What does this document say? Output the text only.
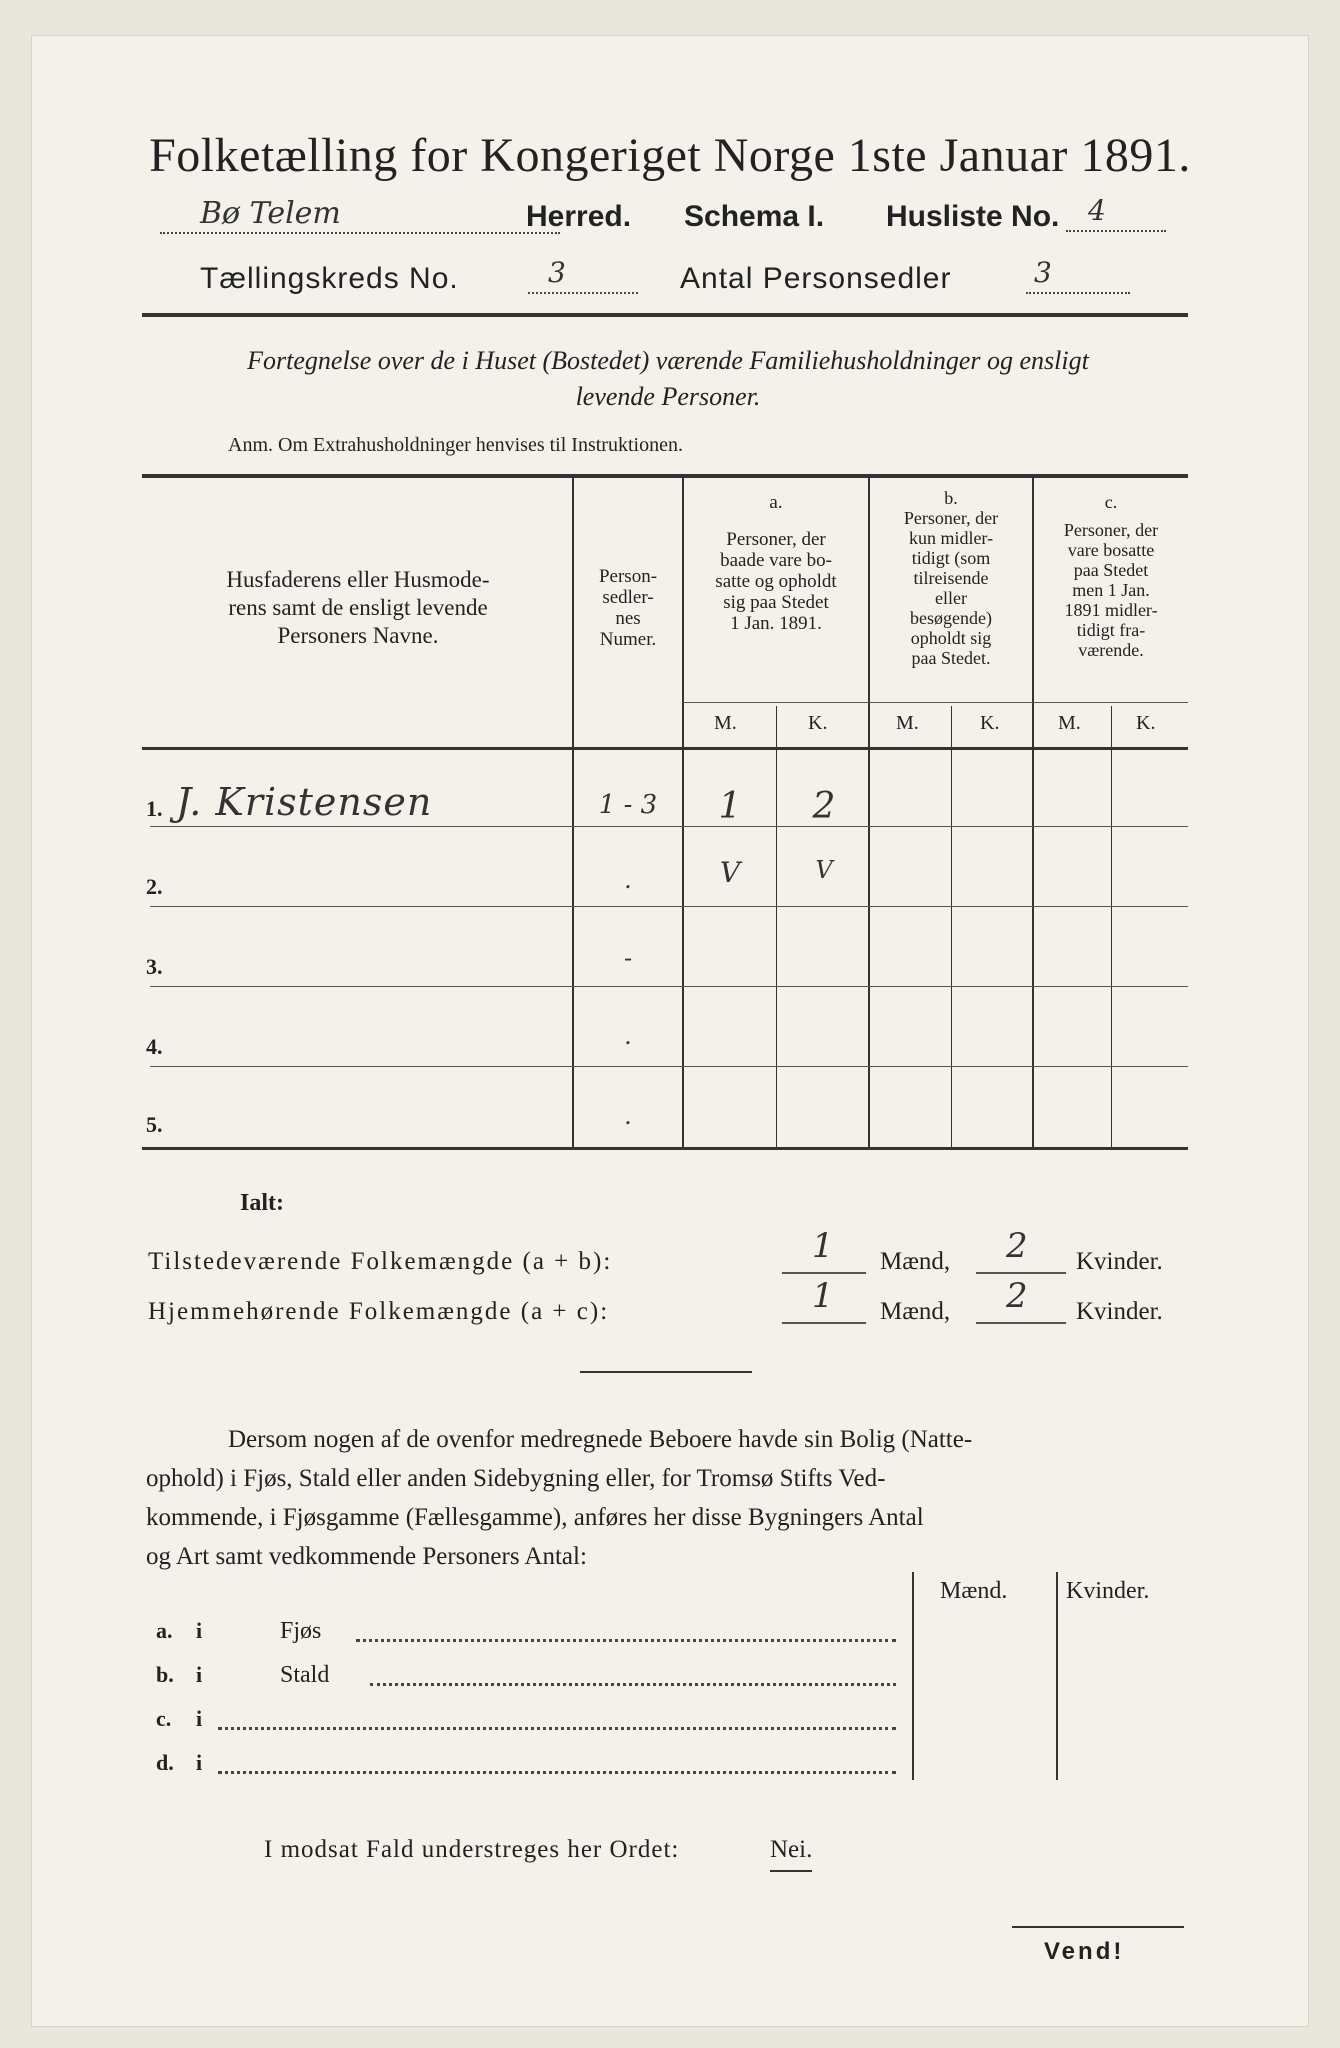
Folketælling for Kongeriget Norge 1ste Januar 1891.
Bø Telem	Herred. Schema I. Husliste No. 4
Tællingskreds No.	3	Antal Personsedler	3
Fortegnelse over de i Huset (Bostedet) værende Familiehusholdninger og ensligt
levende Personer.
Anm. Om Extrahusholdninger henvises til Instruktionen.
Husfaderens eller Husmode-
rens samt de ensligt levende
Personers Navne.
Person-
sedler-
nes
Numer.
a.
Personer, der
baade vare bo-
satte og opholdt
sig paa Stedet
1 Jan. 1891.
b.
Personer, der
kun midler-
tidigt (som
tilreisende
eller
besøgende)
opholdt sig
paa Stedet.
c.
Personer, der
vare bosatte
paa Stedet
men 1 Jan.
1891 midler-
tidigt fra-
værende.
M.	K.	M.	K.	M.	K.
1. J. Kristensen	1 - 3	1	2
2.	.	V	V
3.	-
4.	.
5.	.
Ialt:
Tilstedeværende Folkemængde (a + b):	1 Mænd, 2 Kvinder.
Hjemmehørende Folkemængde (a + c):	1 Mænd, 2 Kvinder.
Dersom nogen af de ovenfor medregnede Beboere havde sin Bolig (Natte-
ophold) i Fjøs, Stald eller anden Sidebygning eller, for Tromsø Stifts Ved-
kommende, i Fjøsgamme (Fællesgamme), anføres her disse Bygningers Antal
og Art samt vedkommende Personers Antal:
Mænd. Kvinder.
a. i	Fjøs
b. i	Stald
c. i
d. i
I modsat Fald understreges her Ordet:	Nei.
Vend!
